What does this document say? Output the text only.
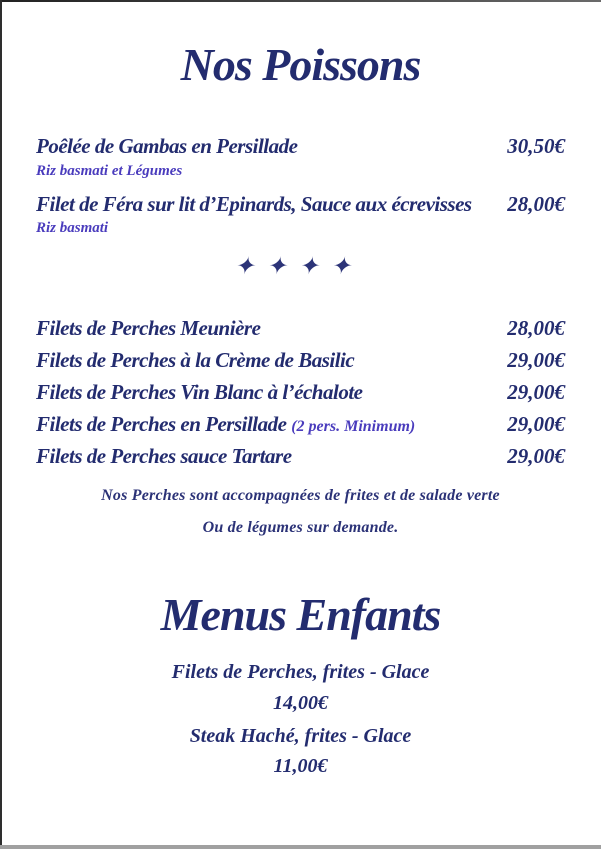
Nos Poissons
Poêlée de Gambas en Persillade	30,50€
Riz basmati et Légumes
Filet de Féra sur lit d’Epinards, Sauce aux écrevisses 28,00€
Riz basmati
✦✦✦✦
Filets de Perches Meunière	28,00€
Filets de Perches à la Crème de Basilic	29,00€
Filets de Perches Vin Blanc à l’échalote	29,00€
Filets de Perches en Persillade (2 pers. Minimum)	29,00€
Filets de Perches sauce Tartare	29,00€
Nos Perches sont accompagnées de frites et de salade verte
Ou de légumes sur demande.
Menus Enfants
Filets de Perches, frites - Glace
14,00€
Steak Haché, frites - Glace
11,00€
